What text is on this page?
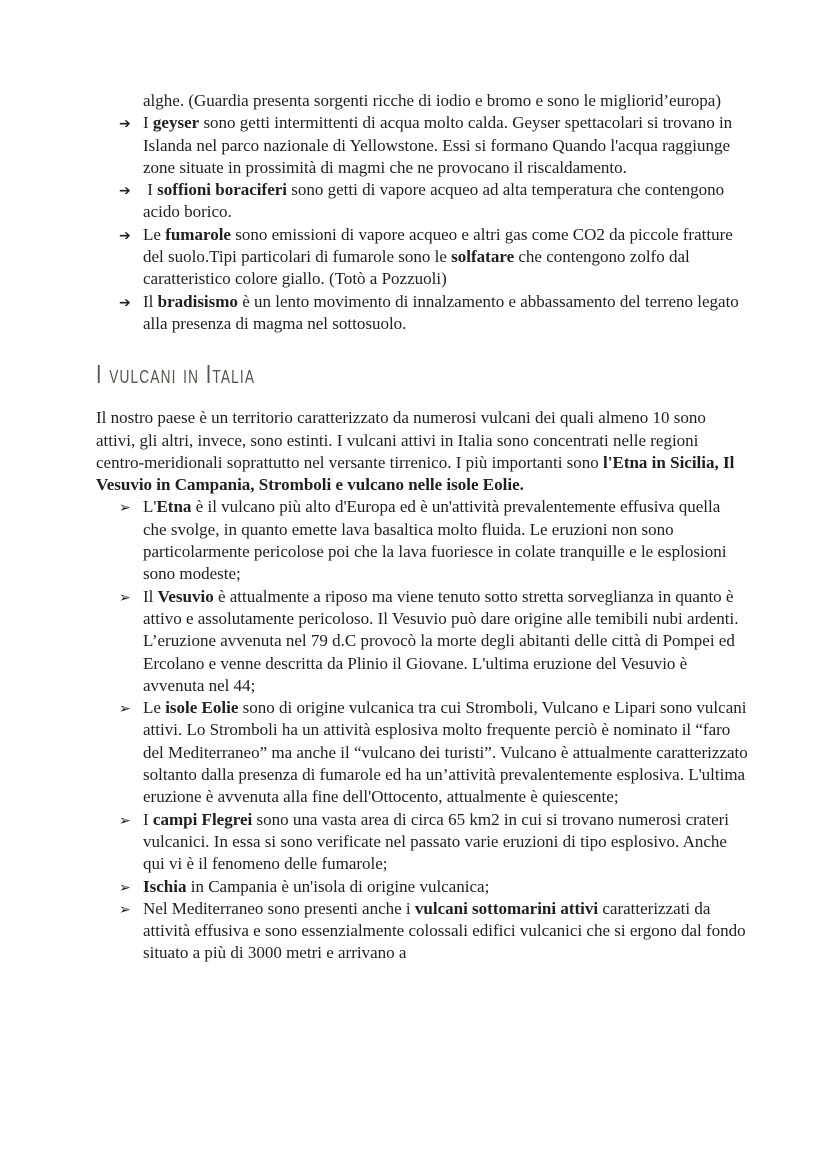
alghe. (Guardia presenta sorgenti ricche di iodio e bromo e sono le migliorid’europa)
➔ I geyser sono getti intermittenti di acqua molto calda. Geyser spettacolari si trovano in Islanda nel parco nazionale di Yellowstone. Essi si formano Quando l'acqua raggiunge zone situate in prossimità di magmi che ne provocano il riscaldamento.
➔ I soffioni boraciferi sono getti di vapore acqueo ad alta temperatura che contengono acido borico.
➔ Le fumarole sono emissioni di vapore acqueo e altri gas come CO2 da piccole fratture del suolo.Tipi particolari di fumarole sono le solfatare che contengono zolfo dal caratteristico colore giallo. (Totò a Pozzuoli)
➔ Il bradisismo è un lento movimento di innalzamento e abbassamento del terreno legato alla presenza di magma nel sottosuolo.
I vulcani in Italia

Il nostro paese è un territorio caratterizzato da numerosi vulcani dei quali almeno 10 sono attivi, gli altri, invece, sono estinti. I vulcani attivi in Italia sono concentrati nelle regioni centro-meridionali soprattutto nel versante tirrenico. I più importanti sono l'Etna in Sicilia, Il Vesuvio in Campania, Stromboli e vulcano nelle isole Eolie.

➢ L'Etna è il vulcano più alto d'Europa ed è un'attività prevalentemente effusiva quella che svolge, in quanto emette lava basaltica molto fluida. Le eruzioni non sono particolarmente pericolose poi che la lava fuoriesce in colate tranquille e le esplosioni sono modeste;
➢ Il Vesuvio è attualmente a riposo ma viene tenuto sotto stretta sorveglianza in quanto è attivo e assolutamente pericoloso. Il Vesuvio può dare origine alle temibili nubi ardenti. L’eruzione avvenuta nel 79 d.C provocò la morte degli abitanti delle città di Pompei ed Ercolano e venne descritta da Plinio il Giovane. L'ultima eruzione del Vesuvio è avvenuta nel 44;
➢ Le isole Eolie sono di origine vulcanica tra cui Stromboli, Vulcano e Lipari sono vulcani attivi. Lo Stromboli ha un attività esplosiva molto frequente perciò è nominato il “faro del Mediterraneo” ma anche il “vulcano dei turisti”. Vulcano è attualmente caratterizzato soltanto dalla presenza di fumarole ed ha un’attività prevalentemente esplosiva. L'ultima eruzione è avvenuta alla fine dell'Ottocento, attualmente è quiescente;
➢ I campi Flegrei sono una vasta area di circa 65 km2 in cui si trovano numerosi crateri vulcanici. In essa si sono verificate nel passato varie eruzioni di tipo esplosivo. Anche qui vi è il fenomeno delle fumarole;
➢ Ischia in Campania è un'isola di origine vulcanica;
➢ Nel Mediterraneo sono presenti anche i vulcani sottomarini attivi caratterizzati da attività effusiva e sono essenzialmente colossali edifici vulcanici che si ergono dal fondo situato a più di 3000 metri e arrivano a
